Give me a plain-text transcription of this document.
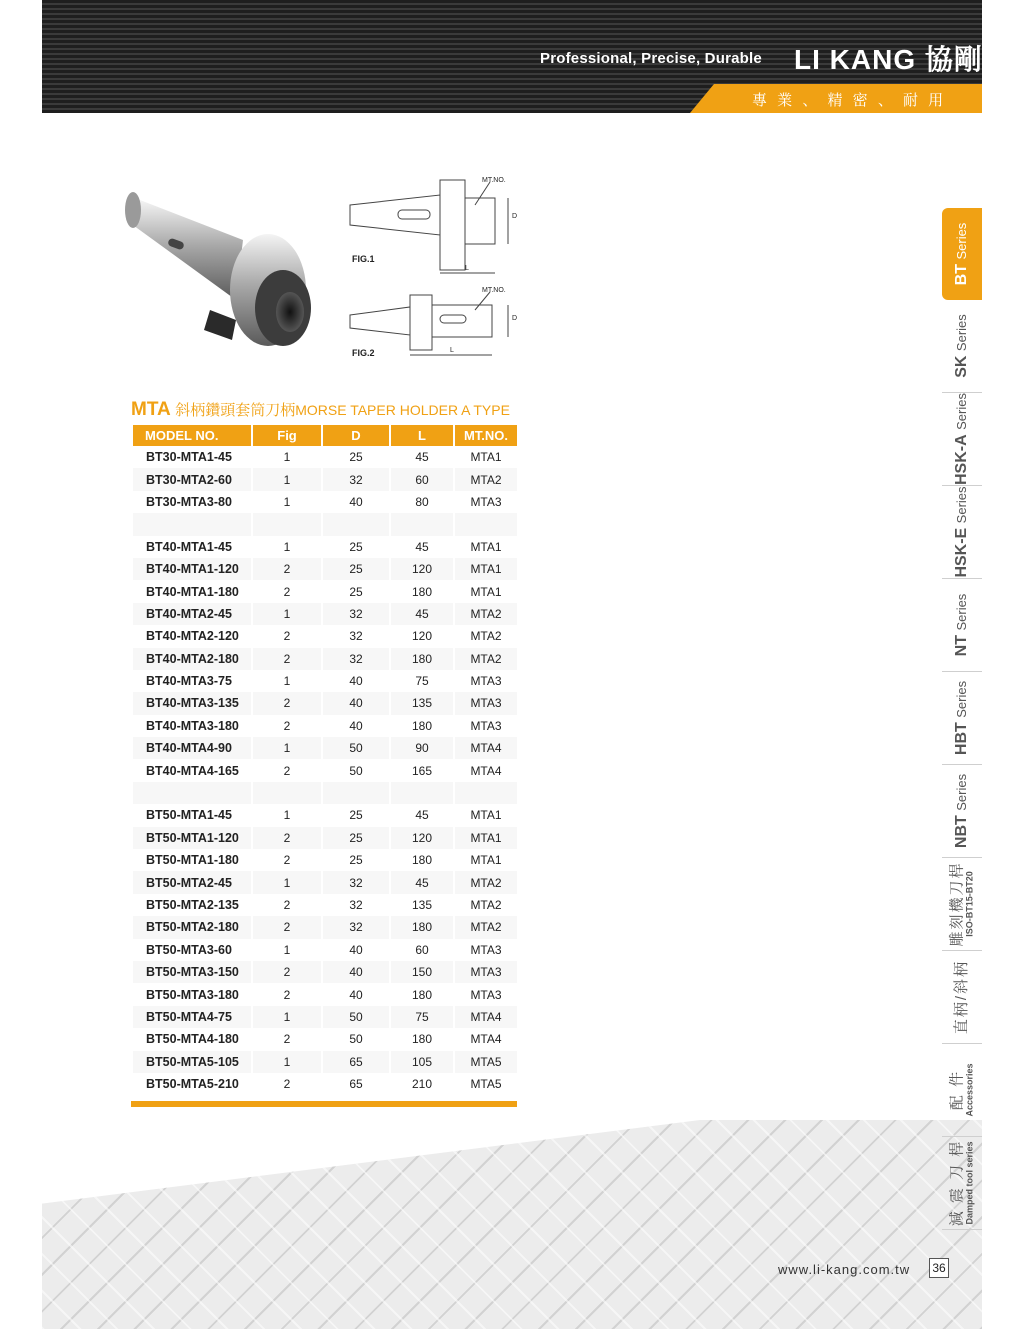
Professional, Precise, Durable LI KANG 協剛
專 業 、 精 密 、 耐 用
MT.NO.
MT.NO.
D
D
L
L
FIG.1
FIG.2
MTA 斜柄鑽頭套筒刀柄MORSE TAPER HOLDER A TYPE
MODEL NO.	Fig	D	L	MT.NO.
BT30-MTA1-45	1	25	45	MTA1
BT30-MTA2-60	1	32	60	MTA2
BT30-MTA3-80	1	40	80	MTA3

BT40-MTA1-45	1	25	45	MTA1
BT40-MTA1-120	2	25	120	MTA1
BT40-MTA1-180	2	25	180	MTA1
BT40-MTA2-45	1	32	45	MTA2
BT40-MTA2-120	2	32	120	MTA2
BT40-MTA2-180	2	32	180	MTA2
BT40-MTA3-75	1	40	75	MTA3
BT40-MTA3-135	2	40	135	MTA3
BT40-MTA3-180	2	40	180	MTA3
BT40-MTA4-90	1	50	90	MTA4
BT40-MTA4-165	2	50	165	MTA4

BT50-MTA1-45	1	25	45	MTA1
BT50-MTA1-120	2	25	120	MTA1
BT50-MTA1-180	2	25	180	MTA1
BT50-MTA2-45	1	32	45	MTA2
BT50-MTA2-135	2	32	135	MTA2
BT50-MTA2-180	2	32	180	MTA2
BT50-MTA3-60	1	40	60	MTA3
BT50-MTA3-150	2	40	150	MTA3
BT50-MTA3-180	2	40	180	MTA3
BT50-MTA4-75	1	50	75	MTA4
BT50-MTA4-180	2	50	180	MTA4
BT50-MTA5-105	1	65	105	MTA5
BT50-MTA5-210	2	65	210	MTA5
BT Series
SK Series
HSK-A Series
HSK-E Series
NT Series
HBT Series
NBT Series
雕刻機刀桿
ISO-BT15-BT20
直柄/斜柄
配 件
Accessories
減 震 刀 桿
Damped tool series
www.li-kang.com.tw 36
